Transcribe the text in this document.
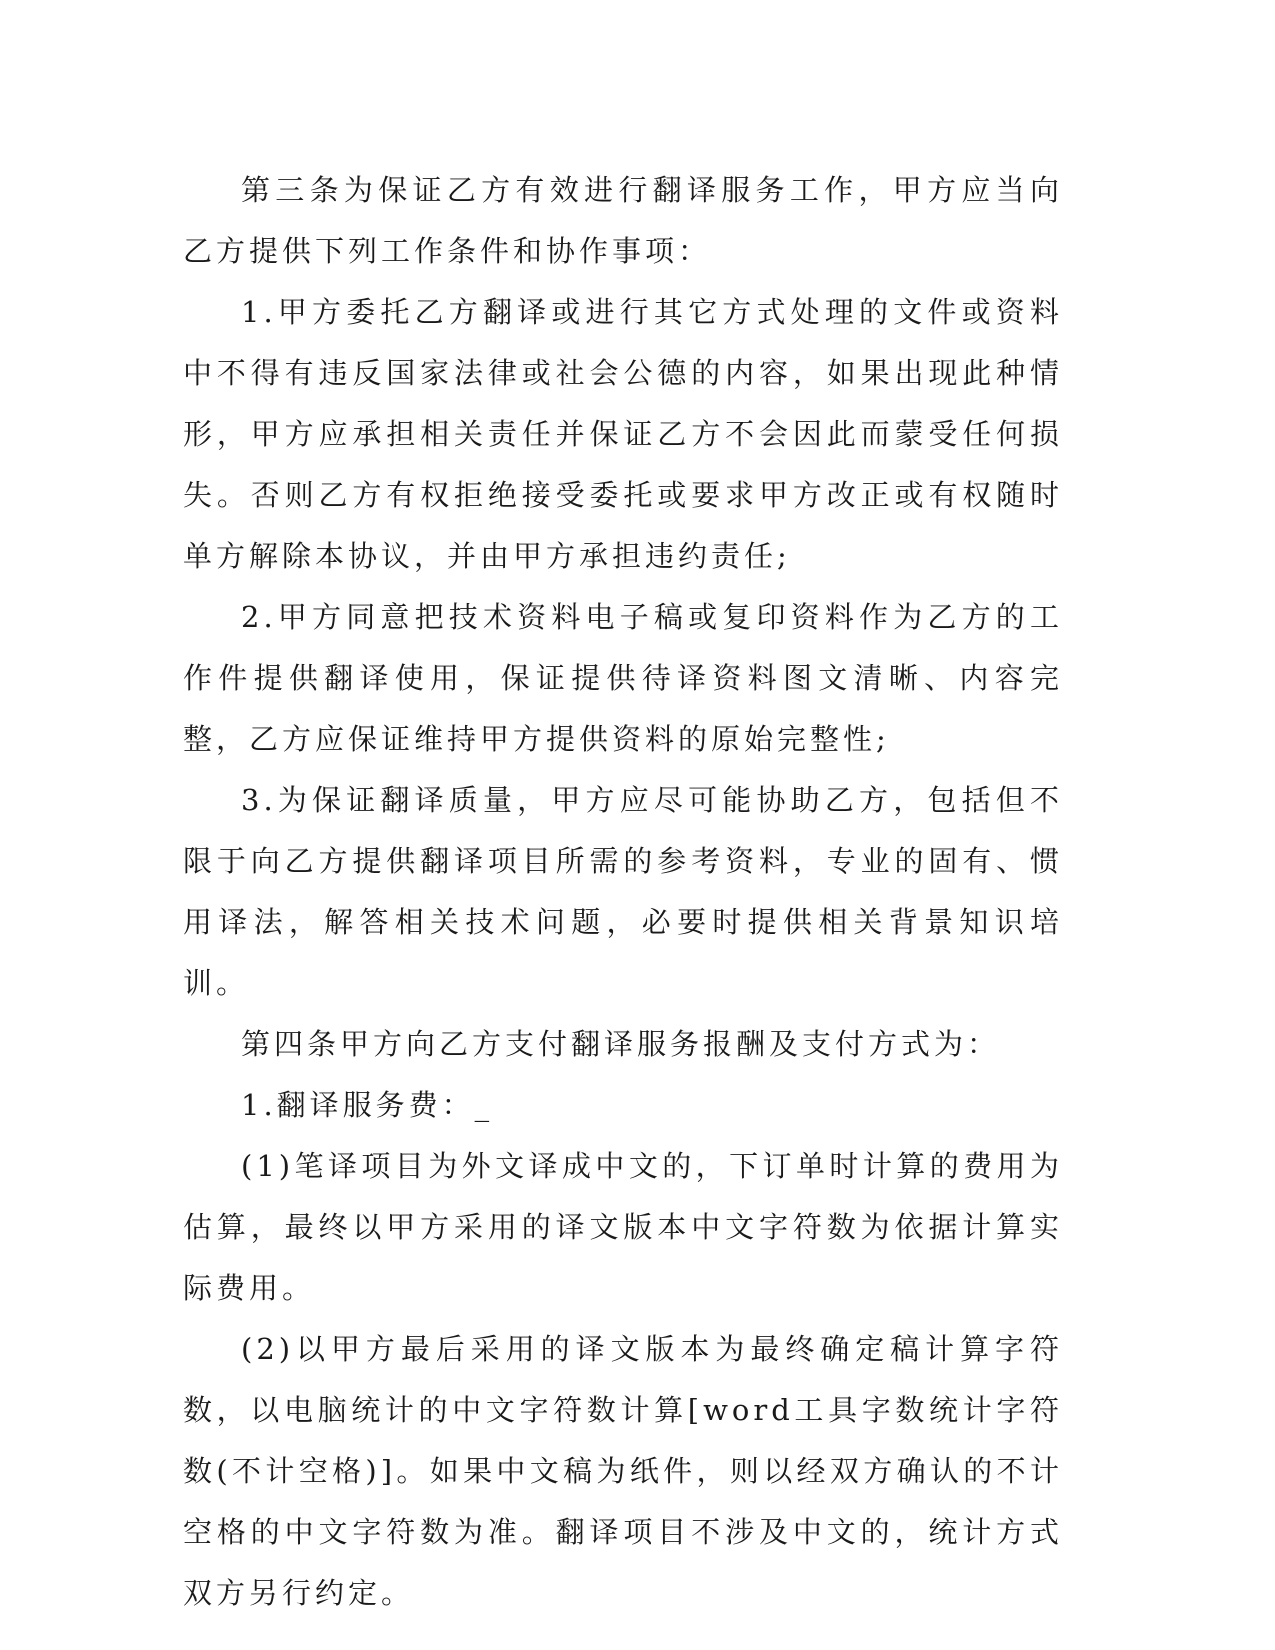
第三条为保证乙方有效进行翻译服务工作，甲方应当向乙方提供下列工作条件和协作事项：

1.甲方委托乙方翻译或进行其它方式处理的文件或资料中不得有违反国家法律或社会公德的内容，如果出现此种情形，甲方应承担相关责任并保证乙方不会因此而蒙受任何损失。否则乙方有权拒绝接受委托或要求甲方改正或有权随时单方解除本协议，并由甲方承担违约责任;

2.甲方同意把技术资料电子稿或复印资料作为乙方的工作件提供翻译使用，保证提供待译资料图文清晰、内容完整，乙方应保证维持甲方提供资料的原始完整性;

3.为保证翻译质量，甲方应尽可能协助乙方，包括但不限于向乙方提供翻译项目所需的参考资料，专业的固有、惯用译法，解答相关技术问题，必要时提供相关背景知识培训。

第四条甲方向乙方支付翻译服务报酬及支付方式为：

1.翻译服务费：_

(1)笔译项目为外文译成中文的，下订单时计算的费用为估算，最终以甲方采用的译文版本中文字符数为依据计算实际费用。

(2)以甲方最后采用的译文版本为最终确定稿计算字符数，以电脑统计的中文字符数计算[word工具字数统计字符数(不计空格)]。如果中文稿为纸件，则以经双方确认的不计空格的中文字符数为准。翻译项目不涉及中文的，统计方式双方另行约定。
